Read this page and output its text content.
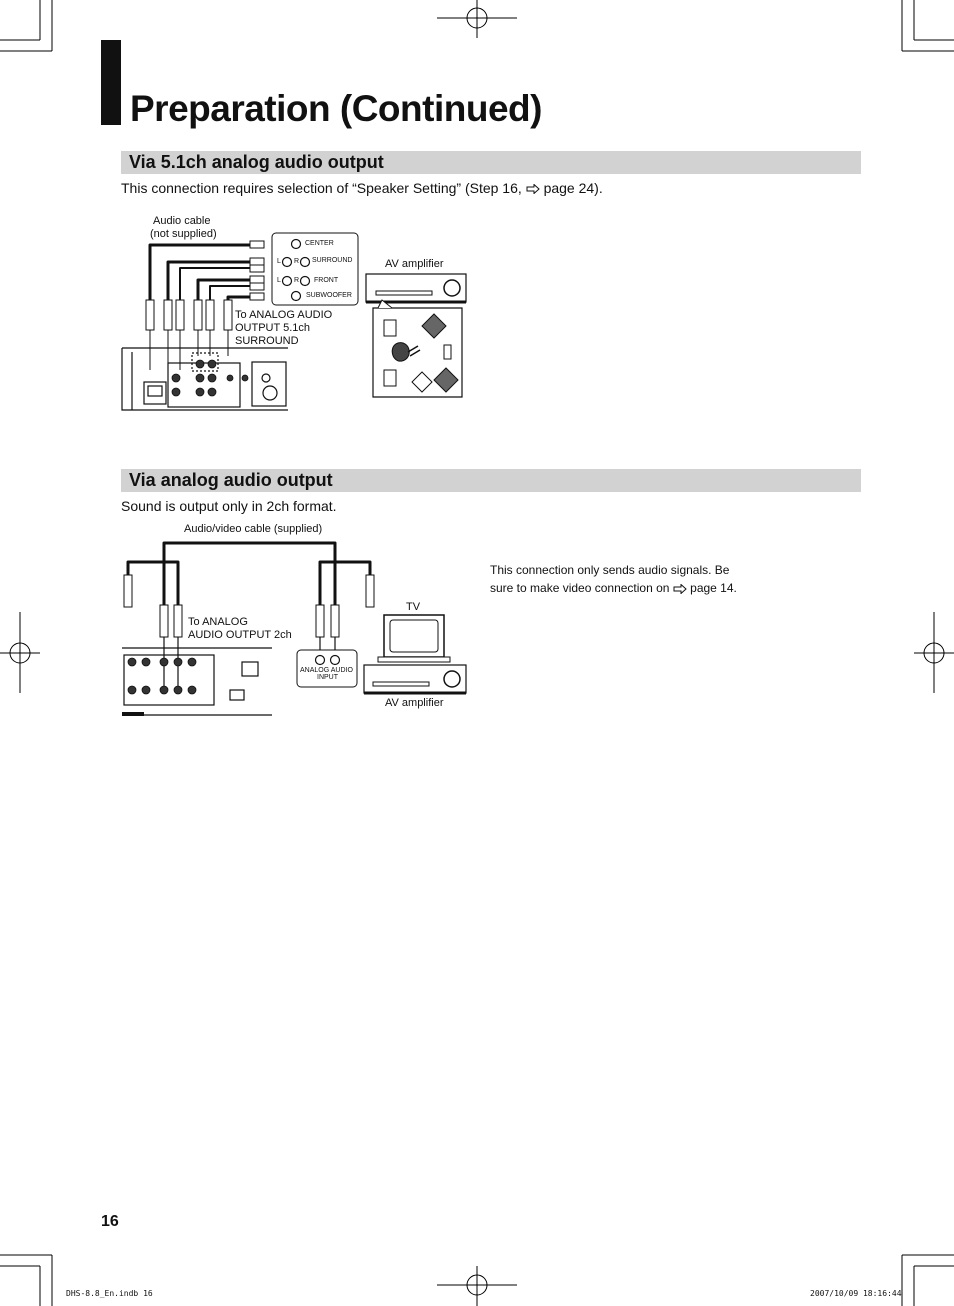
Preparation (Continued)
Via 5.1ch analog audio output
This connection requires selection of “Speaker Setting” (Step 16, page 24).
Audio cable
(not supplied)
AV amplifier
To ANALOG AUDIO
OUTPUT 5.1ch
SURROUND
CENTER
L R SURROUND
L R FRONT
SUBWOOFER
Via analog audio output
Sound is output only in 2ch format.
Audio/video cable (supplied)
To ANALOG
AUDIO OUTPUT 2ch
TV
AV amplifier
ANALOG AUDIO
INPUT
This connection only sends audio signals. Be
sure to make video connection on page 14.
16
DHS-8.8_En.indb 16	2007/10/09 18:16:44
